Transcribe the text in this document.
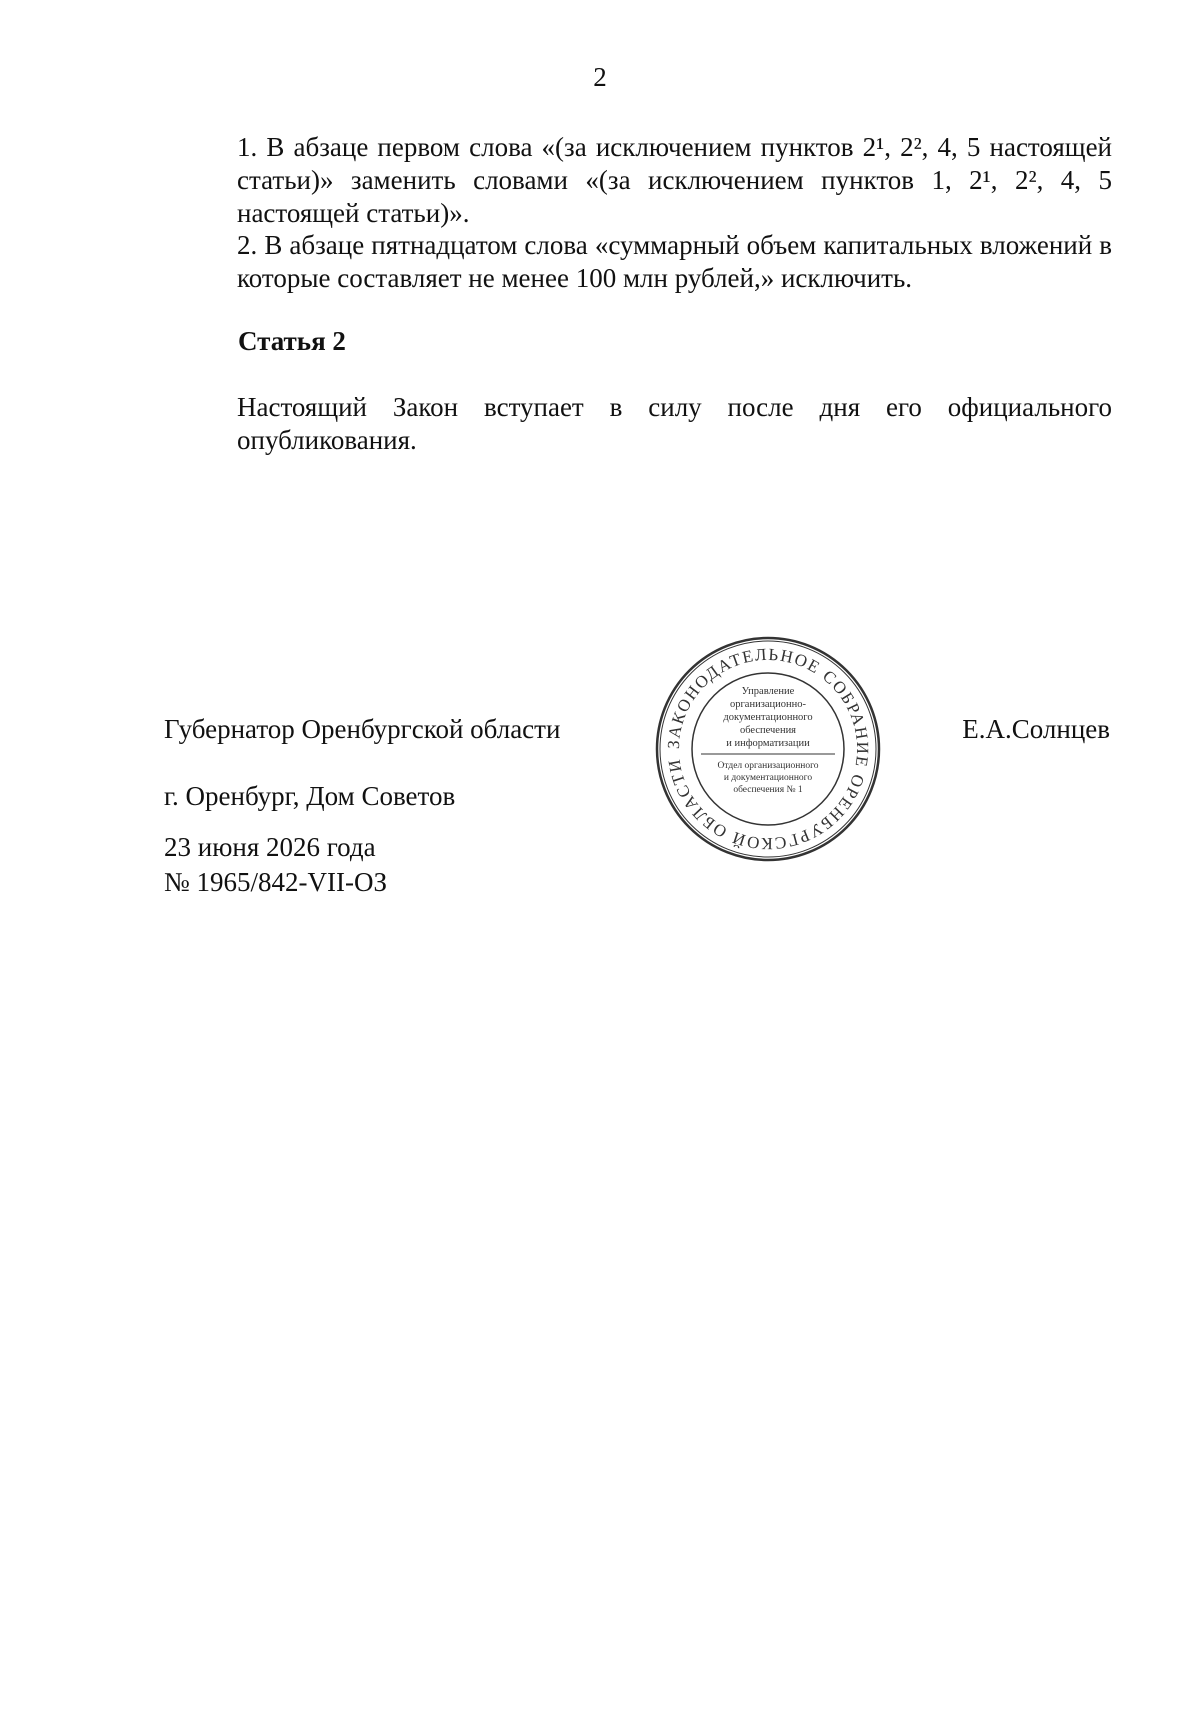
2
1. В абзаце первом слова «(за исключением пунктов 2¹, 2², 4, 5 настоящей статьи)» заменить словами «(за исключением пунктов 1, 2¹, 2², 4, 5 настоящей статьи)».
2. В абзаце пятнадцатом слова «суммарный объем капитальных вложений в которые составляет не менее 100 млн рублей,» исключить.
Статья 2
Настоящий Закон вступает в силу после дня его официального опубликования.
Губернатор Оренбургской области	Е.А.Солнцев
г. Оренбург, Дом Советов
23 июня 2026 года
№ 1965/842-VII-ОЗ
ЗАКОНОДАТЕЛЬНОЕ СОБРАНИЕ ОРЕНБУРГСКОЙ ОБЛАСТИ
Управление
организационно-
документационного
обеспечения
и информатизации
Отдел организационного
и документационного
обеспечения № 1
